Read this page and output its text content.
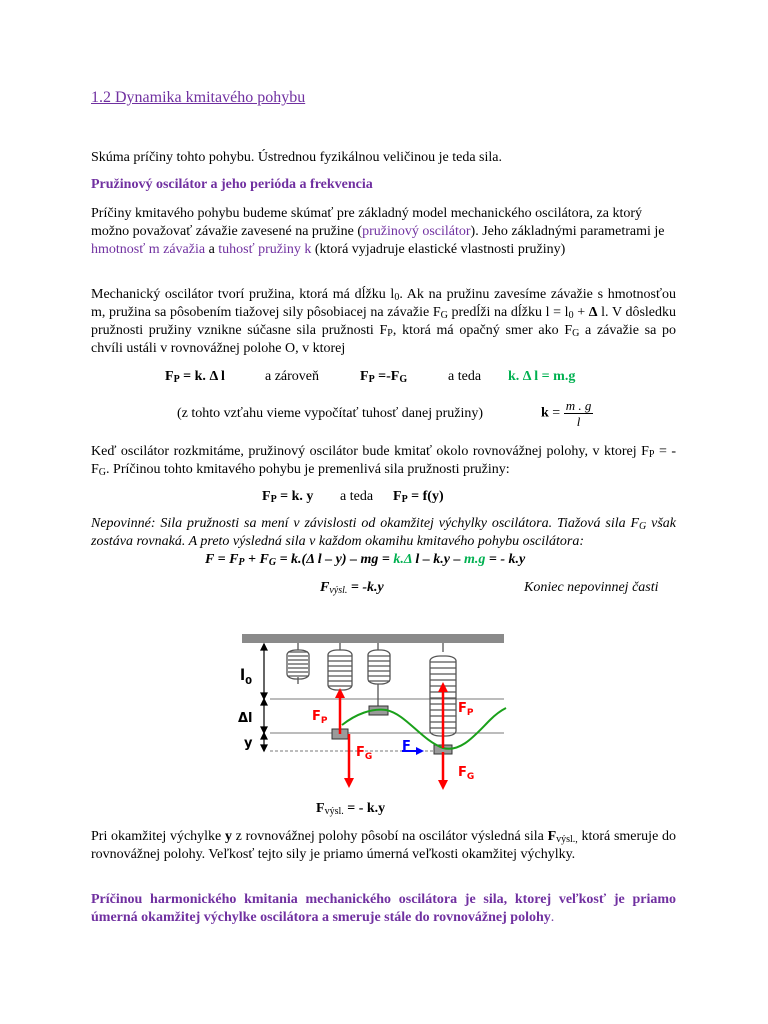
1.2 Dynamika kmitavého pohybu
Skúma príčiny tohto pohybu. Ústrednou fyzikálnou veličinou je teda sila.
Pružinový oscilátor a jeho perióda a frekvencia
Príčiny kmitavého pohybu budeme skúmať pre základný model mechanického oscilátora, za ktorý možno považovať závažie zavesené na pružine (pružinový oscilátor). Jeho základnými parametrami je hmotnosť m závažia a tuhosť pružiny k (ktorá vyjadruje elastické vlastnosti pružiny)
Mechanický oscilátor tvorí pružina, ktorá má dĺžku $l_0$. Ak na pružinu zavesíme závažie s hmotnosťou m, pružina sa pôsobením tiažovej sily pôsobiacej na závažie $F_G$ predĺži na dĺžku $l = l_0 + \Delta$ l. V dôsledku pružnosti pružiny vznikne súčasne sila pružnosti $F_P$, ktorá má opačný smer ako $F_G$ a závažie sa po chvíli ustáli v rovnovážnej polohe O, v ktorej
$F_P = k$. Δ l	a zároveň	$F_P =-F_G$	a teda k. Δ l = m.g
(z tohto vzťahu vieme vypočítať tuhosť danej pružiny)	$k = \frac{m . g}{l}$
Keď oscilátor rozkmitáme, pružinový oscilátor bude kmitať okolo rovnovážnej polohy, v ktorej $F_P = -F_G$. Príčinou tohto kmitavého pohybu je premenlivá sila pružnosti pružiny:
$F_P = k$. y a teda $F_P = f(y)$
Nepovinné: Sila pružnosti sa mení v závislosti od okamžitej výchylky oscilátora. Tiažová sila $F_G$ však zostáva rovnaká. A preto výsledná sila v každom okamihu kmitavého pohybu oscilátora:
$F = F_P + F_G = k.(\Delta$ l – y) – mg = k.Δ l – k.y – m.g = - k.y
$F_{výsl.} = -k.y$	Koniec nepovinnej časti
$l_0$
Δl
y
$F_P$
$F_G$
F
$F_P$
$F_G$
$F_{výsl.}$ = - k.y
Pri okamžitej výchylke y z rovnovážnej polohy pôsobí na oscilátor výsledná sila $F_{výsl.,}$ ktorá smeruje do rovnovážnej polohy. Veľkosť tejto sily je priamo úmerná veľkosti okamžitej výchylky.
Príčinou harmonického kmitania mechanického oscilátora je sila, ktorej veľkosť je priamo úmerná okamžitej výchylke oscilátora a smeruje stále do rovnovážnej polohy.
